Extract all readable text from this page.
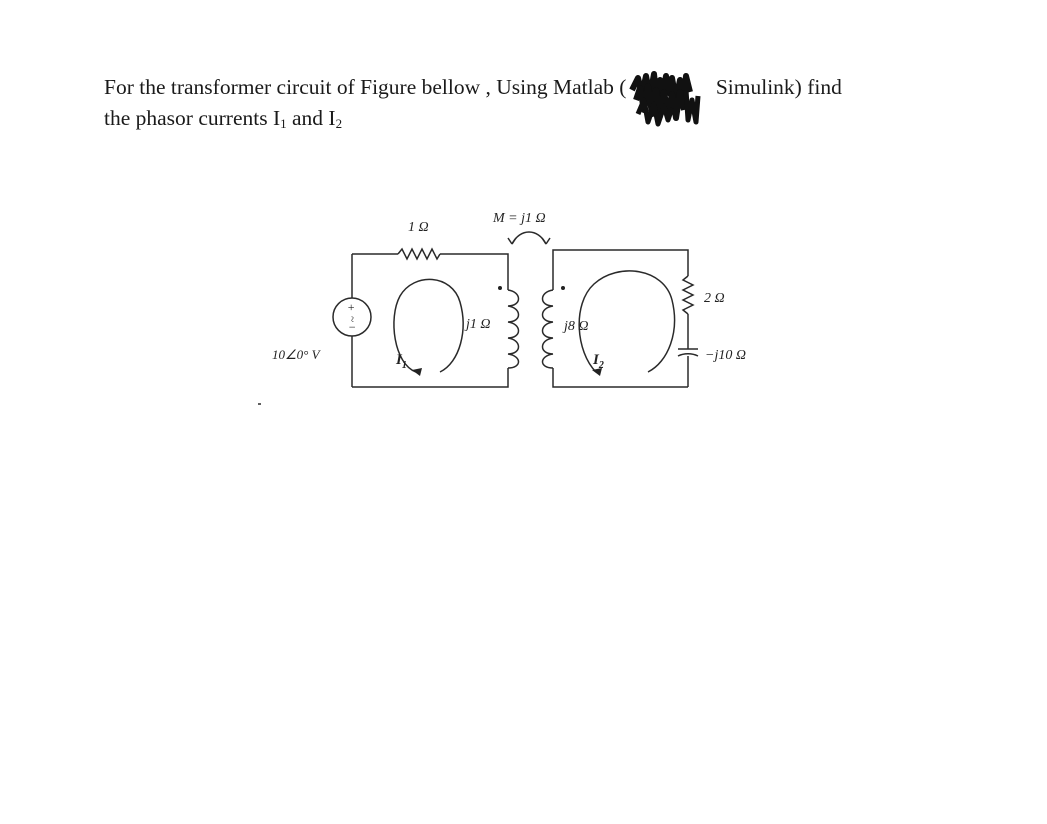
For the transformer circuit of Figure bellow , Using Matlab (	Simulink) find
the phasor currents $I_1$ and $I_2$
1 Ω
M = j1 Ω
2 Ω
j1 Ω	j8 Ω
10∠0° V
+
−
~
$I_1$	$I_2$
−j10 Ω
